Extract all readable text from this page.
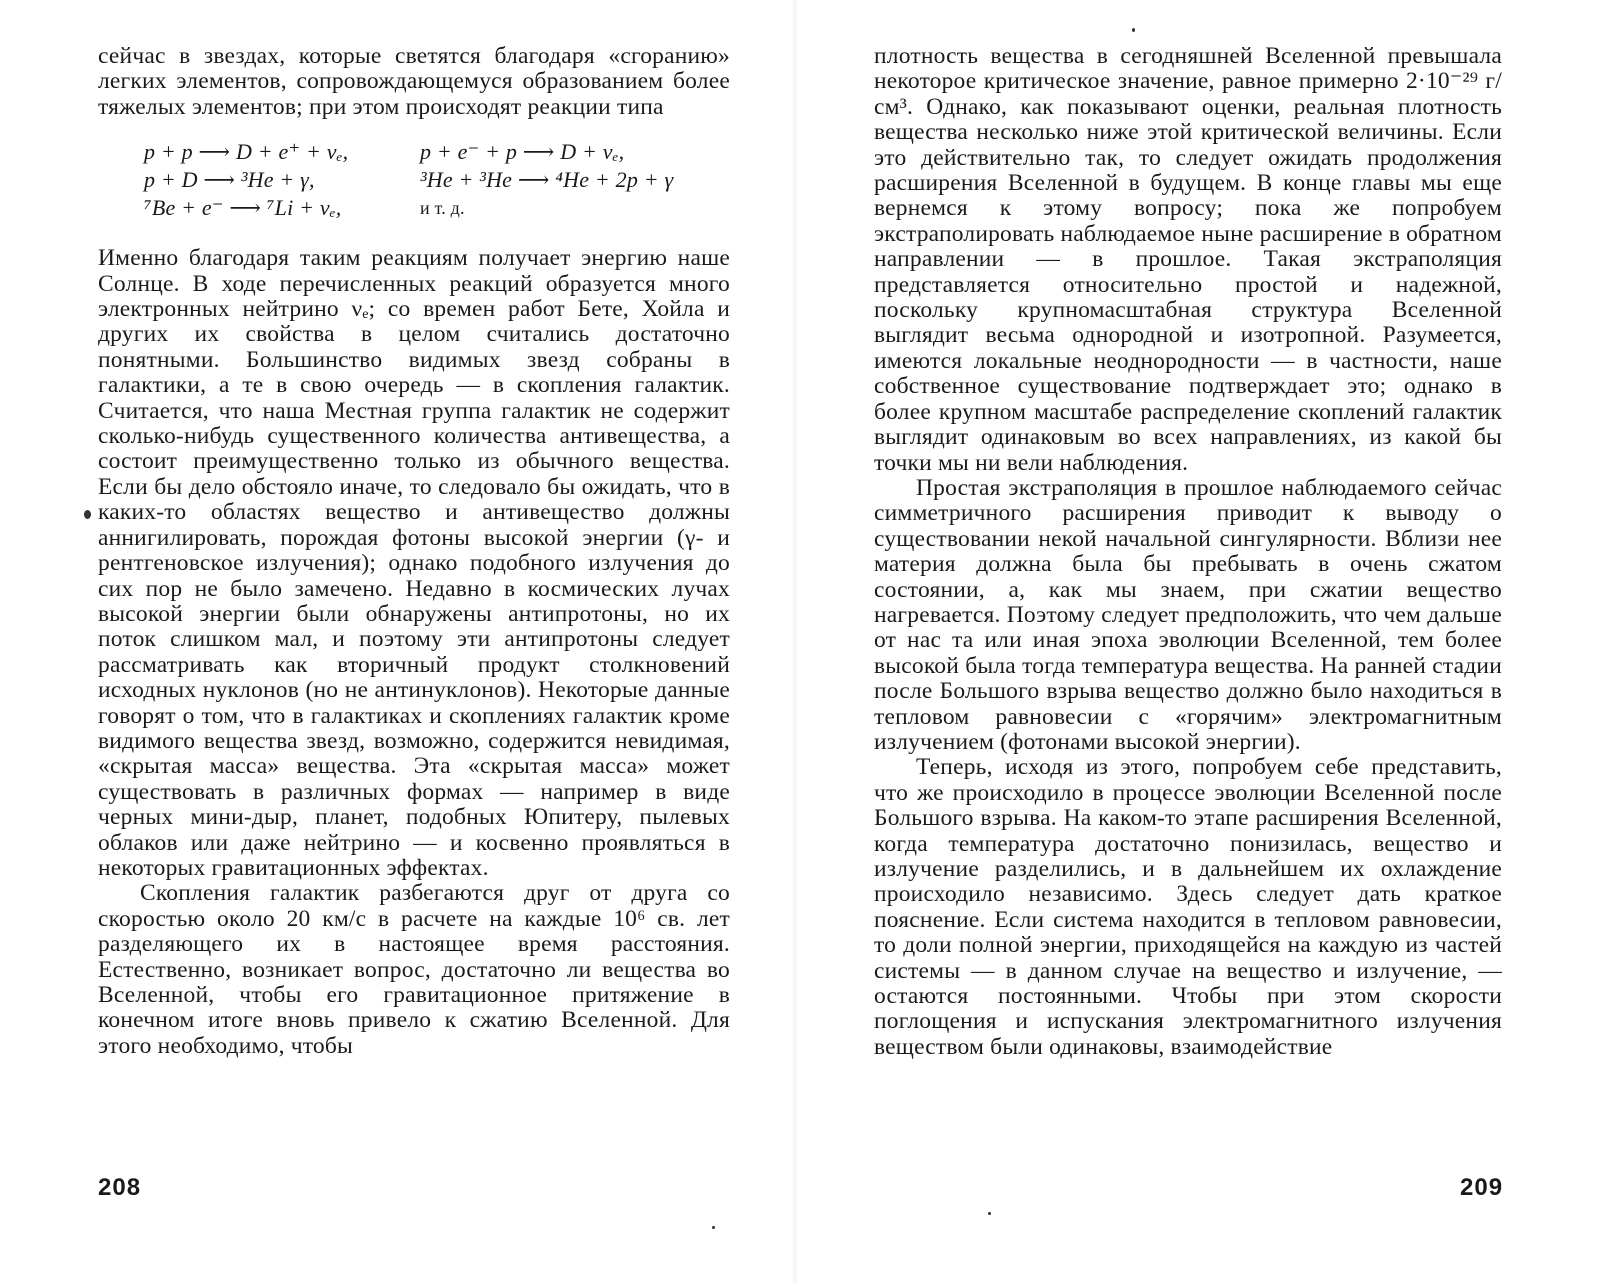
сейчас в звездах, которые светятся благодаря «сгоранию» легких элементов, сопровождающемуся образованием более тяжелых элементов; при этом происходят реакции типа

p + p ⟶ D + e⁺ + νₑ,	p + e⁻ + p ⟶ D + νₑ,
p + D ⟶ ³He + γ,	³He + ³He ⟶ ⁴He + 2p + γ
⁷Be + e⁻ ⟶ ⁷Li + νₑ,	и т. д.

Именно благодаря таким реакциям получает энергию наше Солнце. В ходе перечисленных реакций образуется много электронных нейтрино νₑ; со времен работ Бете, Хойла и других их свойства в целом считались достаточно понятными. Большинство видимых звезд собраны в галактики, а те в свою очередь — в скопления галактик. Считается, что наша Местная группа галактик не содержит сколько-нибудь существенного количества антивещества, а состоит преимущественно только из обычного вещества. Если бы дело обстояло иначе, то следовало бы ожидать, что в каких-то областях вещество и антивещество должны аннигилировать, порождая фотоны высокой энергии (γ- и рентгеновское излучения); однако подобного излучения до сих пор не было замечено. Недавно в космических лучах высокой энергии были обнаружены антипротоны, но их поток слишком мал, и поэтому эти антипротоны следует рассматривать как вторичный продукт столкновений исходных нуклонов (но не антинуклонов). Некоторые данные говорят о том, что в галактиках и скоплениях галактик кроме видимого вещества звезд, возможно, содержится невидимая, «скрытая масса» вещества. Эта «скрытая масса» может существовать в различных формах — например в виде черных мини-дыр, планет, подобных Юпитеру, пылевых облаков или даже нейтрино — и косвенно проявляться в некоторых гравитационных эффектах.

Скопления галактик разбегаются друг от друга со скоростью около 20 км/с в расчете на каждые 10⁶ св. лет разделяющего их в настоящее время расстояния. Естественно, возникает вопрос, достаточно ли вещества во Вселенной, чтобы его гравитационное притяжение в конечном итоге вновь привело к сжатию Вселенной. Для этого необходимо, чтобы

208

плотность вещества в сегодняшней Вселенной превышала некоторое критическое значение, равное примерно 2·10⁻²⁹ г/см³. Однако, как показывают оценки, реальная плотность вещества несколько ниже этой критической величины. Если это действительно так, то следует ожидать продолжения расширения Вселенной в будущем. В конце главы мы еще вернемся к этому вопросу; пока же попробуем экстраполировать наблюдаемое ныне расширение в обратном направлении — в прошлое. Такая экстраполяция представляется относительно простой и надежной, поскольку крупномасштабная структура Вселенной выглядит весьма однородной и изотропной. Разумеется, имеются локальные неоднородности — в частности, наше собственное существование подтверждает это; однако в более крупном масштабе распределение скоплений галактик выглядит одинаковым во всех направлениях, из какой бы точки мы ни вели наблюдения.

Простая экстраполяция в прошлое наблюдаемого сейчас симметричного расширения приводит к выводу о существовании некой начальной сингулярности. Вблизи нее материя должна была бы пребывать в очень сжатом состоянии, а, как мы знаем, при сжатии вещество нагревается. Поэтому следует предположить, что чем дальше от нас та или иная эпоха эволюции Вселенной, тем более высокой была тогда температура вещества. На ранней стадии после Большого взрыва вещество должно было находиться в тепловом равновесии с «горячим» электромагнитным излучением (фотонами высокой энергии).

Теперь, исходя из этого, попробуем себе представить, что же происходило в процессе эволюции Вселенной после Большого взрыва. На каком-то этапе расширения Вселенной, когда температура достаточно понизилась, вещество и излучение разделились, и в дальнейшем их охлаждение происходило независимо. Здесь следует дать краткое пояснение. Если система находится в тепловом равновесии, то доли полной энергии, приходящейся на каждую из частей системы — в данном случае на вещество и излучение, — остаются постоянными. Чтобы при этом скорости поглощения и испускания электромагнитного излучения веществом были одинаковы, взаимодействие

209
